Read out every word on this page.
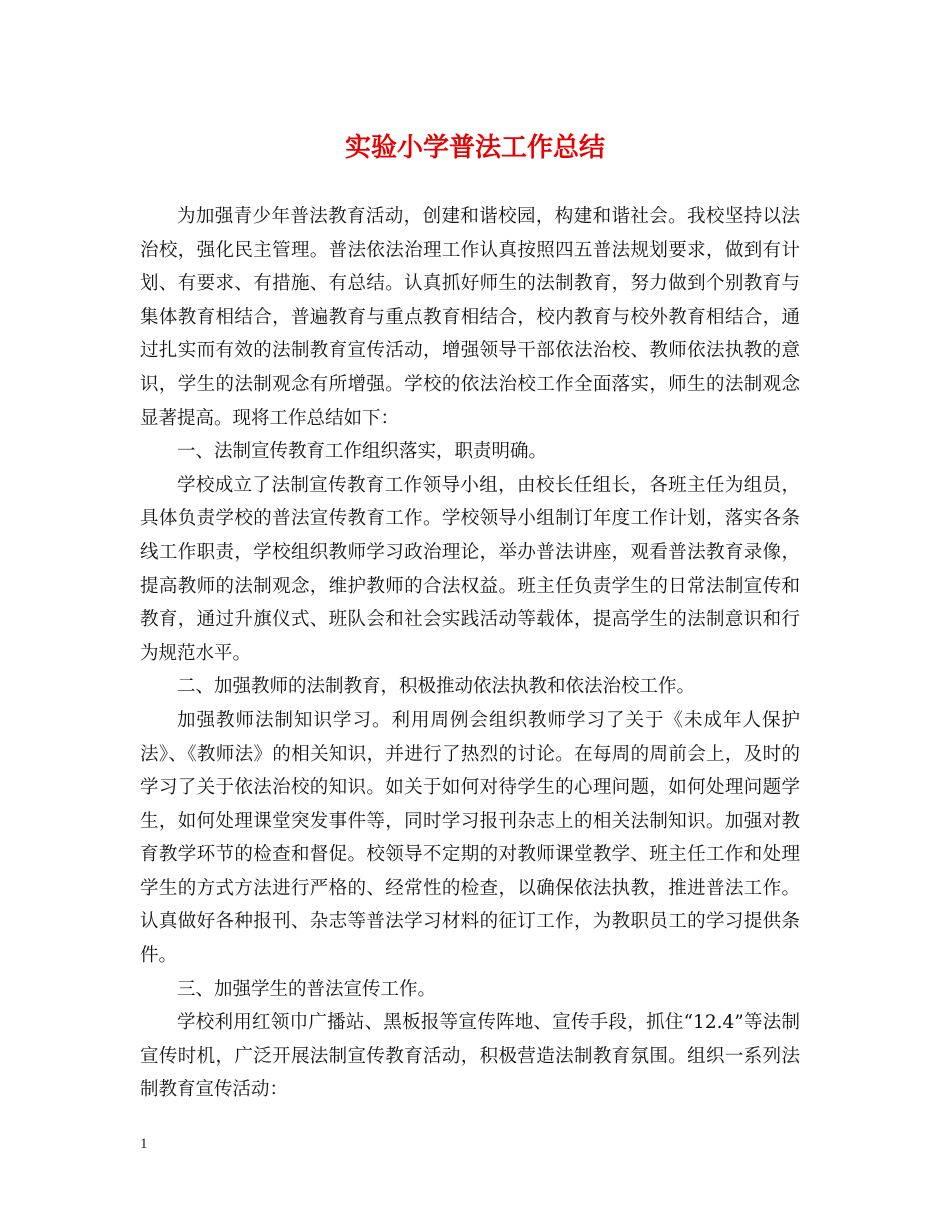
实验小学普法工作总结

为加强青少年普法教育活动，创建和谐校园，构建和谐社会。我校坚持以法治校，强化民主管理。普法依法治理工作认真按照四五普法规划要求，做到有计划、有要求、有措施、有总结。认真抓好师生的法制教育，努力做到个别教育与集体教育相结合，普遍教育与重点教育相结合，校内教育与校外教育相结合，通过扎实而有效的法制教育宣传活动，增强领导干部依法治校、教师依法执教的意识，学生的法制观念有所增强。学校的依法治校工作全面落实，师生的法制观念显著提高。现将工作总结如下：

一、法制宣传教育工作组织落实，职责明确。

学校成立了法制宣传教育工作领导小组，由校长任组长，各班主任为组员，具体负责学校的普法宣传教育工作。学校领导小组制订年度工作计划，落实各条线工作职责，学校组织教师学习政治理论，举办普法讲座，观看普法教育录像，提高教师的法制观念，维护教师的合法权益。班主任负责学生的日常法制宣传和教育，通过升旗仪式、班队会和社会实践活动等载体，提高学生的法制意识和行为规范水平。

二、加强教师的法制教育，积极推动依法执教和依法治校工作。

加强教师法制知识学习。利用周例会组织教师学习了关于《未成年人保护法》、《教师法》的相关知识，并进行了热烈的讨论。在每周的周前会上，及时的学习了关于依法治校的知识。如关于如何对待学生的心理问题，如何处理问题学生，如何处理课堂突发事件等，同时学习报刊杂志上的相关法制知识。加强对教育教学环节的检查和督促。校领导不定期的对教师课堂教学、班主任工作和处理学生的方式方法进行严格的、经常性的检查，以确保依法执教，推进普法工作。认真做好各种报刊、杂志等普法学习材料的征订工作，为教职员工的学习提供条件。

三、加强学生的普法宣传工作。

学校利用红领巾广播站、黑板报等宣传阵地、宣传手段，抓住“12.4”等法制宣传时机，广泛开展法制宣传教育活动，积极营造法制教育氛围。组织一系列法制教育宣传活动：

1
